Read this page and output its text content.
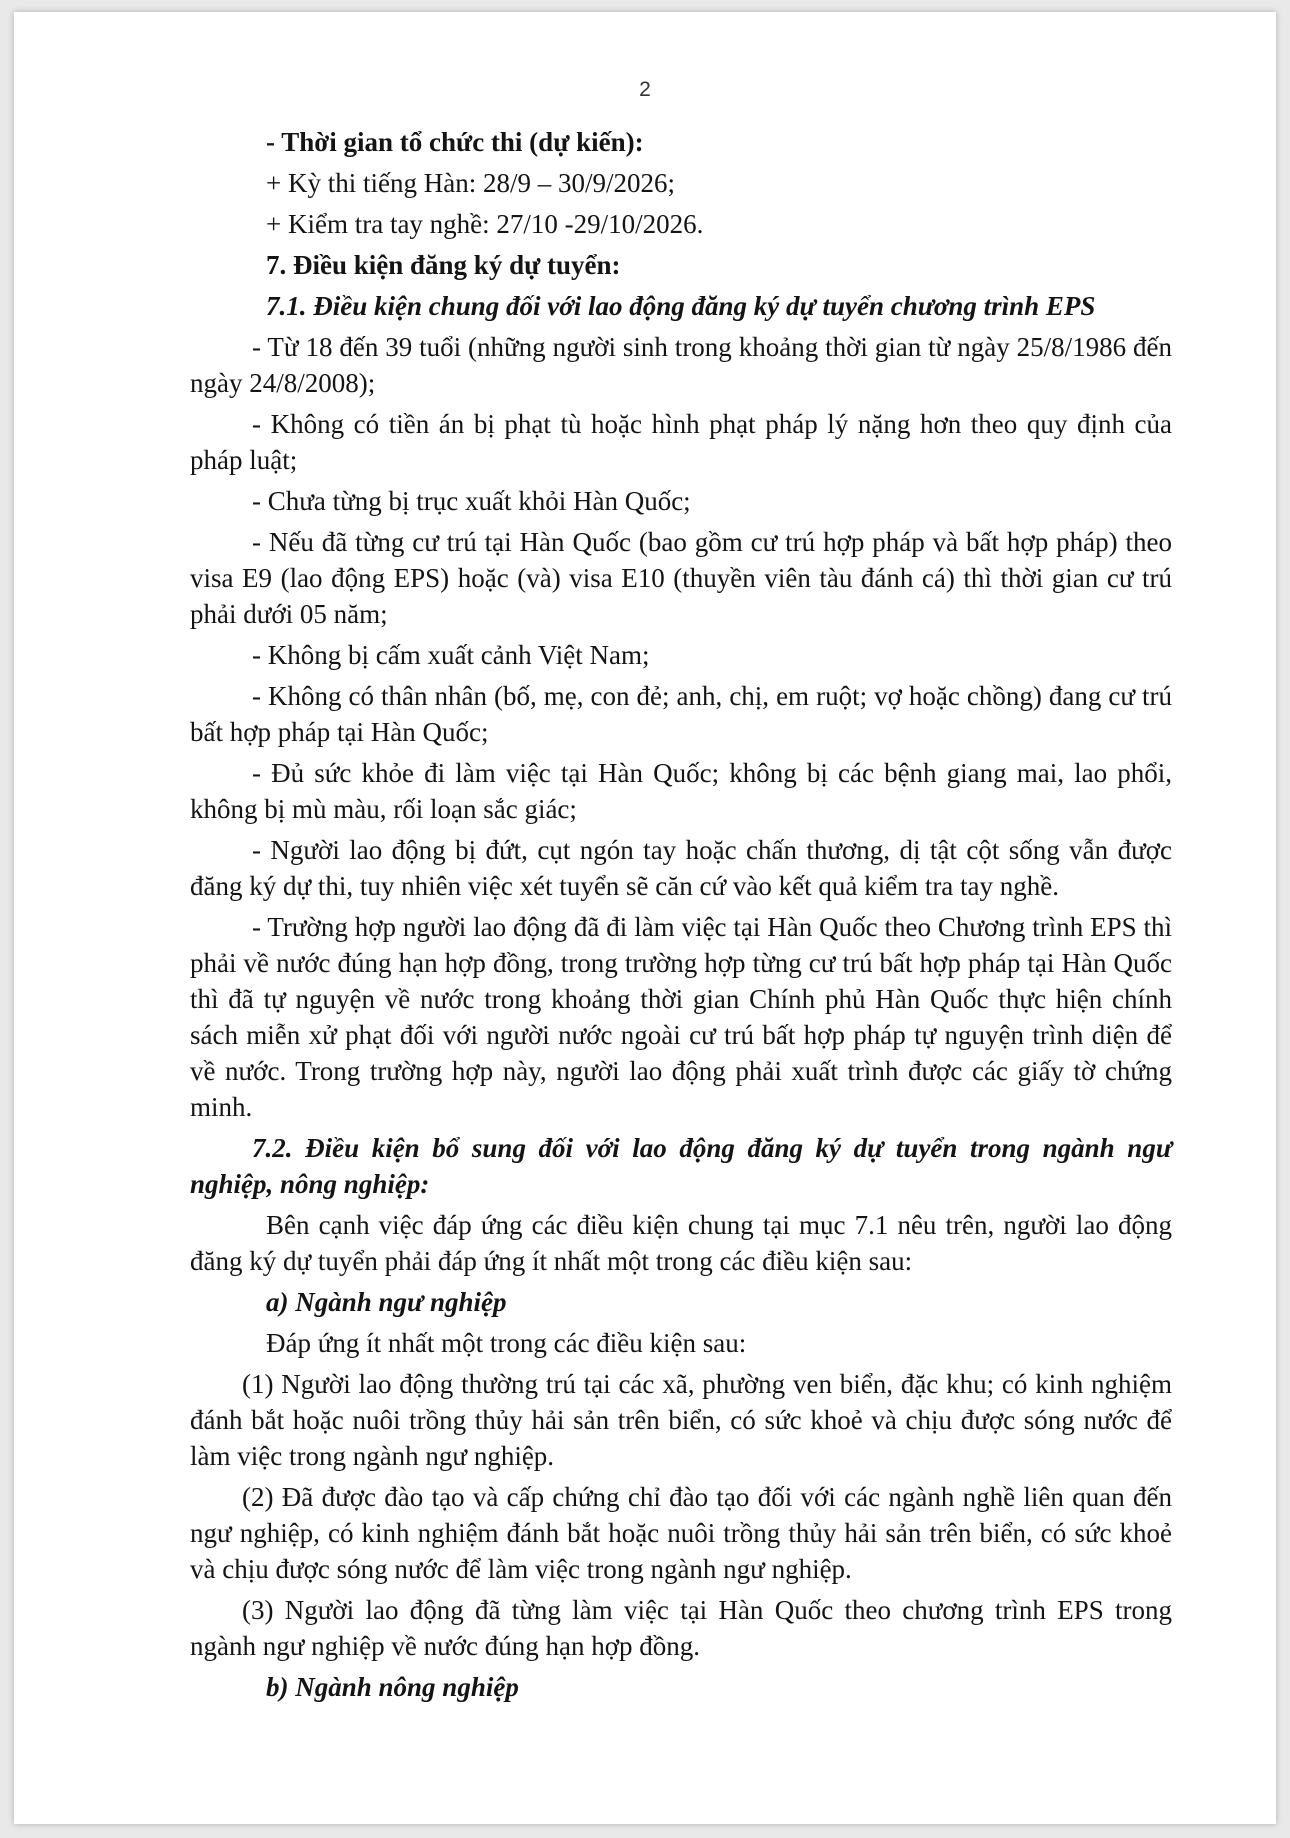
2

- Thời gian tổ chức thi (dự kiến):

+ Kỳ thi tiếng Hàn: 28/9 – 30/9/2026;

+ Kiểm tra tay nghề: 27/10 -29/10/2026.

7. Điều kiện đăng ký dự tuyển:

7.1. Điều kiện chung đối với lao động đăng ký dự tuyển chương trình EPS

- Từ 18 đến 39 tuổi (những người sinh trong khoảng thời gian từ ngày 25/8/1986 đến ngày 24/8/2008);

- Không có tiền án bị phạt tù hoặc hình phạt pháp lý nặng hơn theo quy định của pháp luật;

- Chưa từng bị trục xuất khỏi Hàn Quốc;

- Nếu đã từng cư trú tại Hàn Quốc (bao gồm cư trú hợp pháp và bất hợp pháp) theo visa E9 (lao động EPS) hoặc (và) visa E10 (thuyền viên tàu đánh cá) thì thời gian cư trú phải dưới 05 năm;

- Không bị cấm xuất cảnh Việt Nam;

- Không có thân nhân (bố, mẹ, con đẻ; anh, chị, em ruột; vợ hoặc chồng) đang cư trú bất hợp pháp tại Hàn Quốc;

- Đủ sức khỏe đi làm việc tại Hàn Quốc; không bị các bệnh giang mai, lao phổi, không bị mù màu, rối loạn sắc giác;

- Người lao động bị đứt, cụt ngón tay hoặc chấn thương, dị tật cột sống vẫn được đăng ký dự thi, tuy nhiên việc xét tuyển sẽ căn cứ vào kết quả kiểm tra tay nghề.

- Trường hợp người lao động đã đi làm việc tại Hàn Quốc theo Chương trình EPS thì phải về nước đúng hạn hợp đồng, trong trường hợp từng cư trú bất hợp pháp tại Hàn Quốc thì đã tự nguyện về nước trong khoảng thời gian Chính phủ Hàn Quốc thực hiện chính sách miễn xử phạt đối với người nước ngoài cư trú bất hợp pháp tự nguyện trình diện để về nước. Trong trường hợp này, người lao động phải xuất trình được các giấy tờ chứng minh.

7.2. Điều kiện bổ sung đối với lao động đăng ký dự tuyển trong ngành ngư nghiệp, nông nghiệp:

Bên cạnh việc đáp ứng các điều kiện chung tại mục 7.1 nêu trên, người lao động đăng ký dự tuyển phải đáp ứng ít nhất một trong các điều kiện sau:

a) Ngành ngư nghiệp

Đáp ứng ít nhất một trong các điều kiện sau:

(1) Người lao động thường trú tại các xã, phường ven biển, đặc khu; có kinh nghiệm đánh bắt hoặc nuôi trồng thủy hải sản trên biển, có sức khoẻ và chịu được sóng nước để làm việc trong ngành ngư nghiệp.

(2) Đã được đào tạo và cấp chứng chỉ đào tạo đối với các ngành nghề liên quan đến ngư nghiệp, có kinh nghiệm đánh bắt hoặc nuôi trồng thủy hải sản trên biển, có sức khoẻ và chịu được sóng nước để làm việc trong ngành ngư nghiệp.

(3) Người lao động đã từng làm việc tại Hàn Quốc theo chương trình EPS trong ngành ngư nghiệp về nước đúng hạn hợp đồng.

b) Ngành nông nghiệp
